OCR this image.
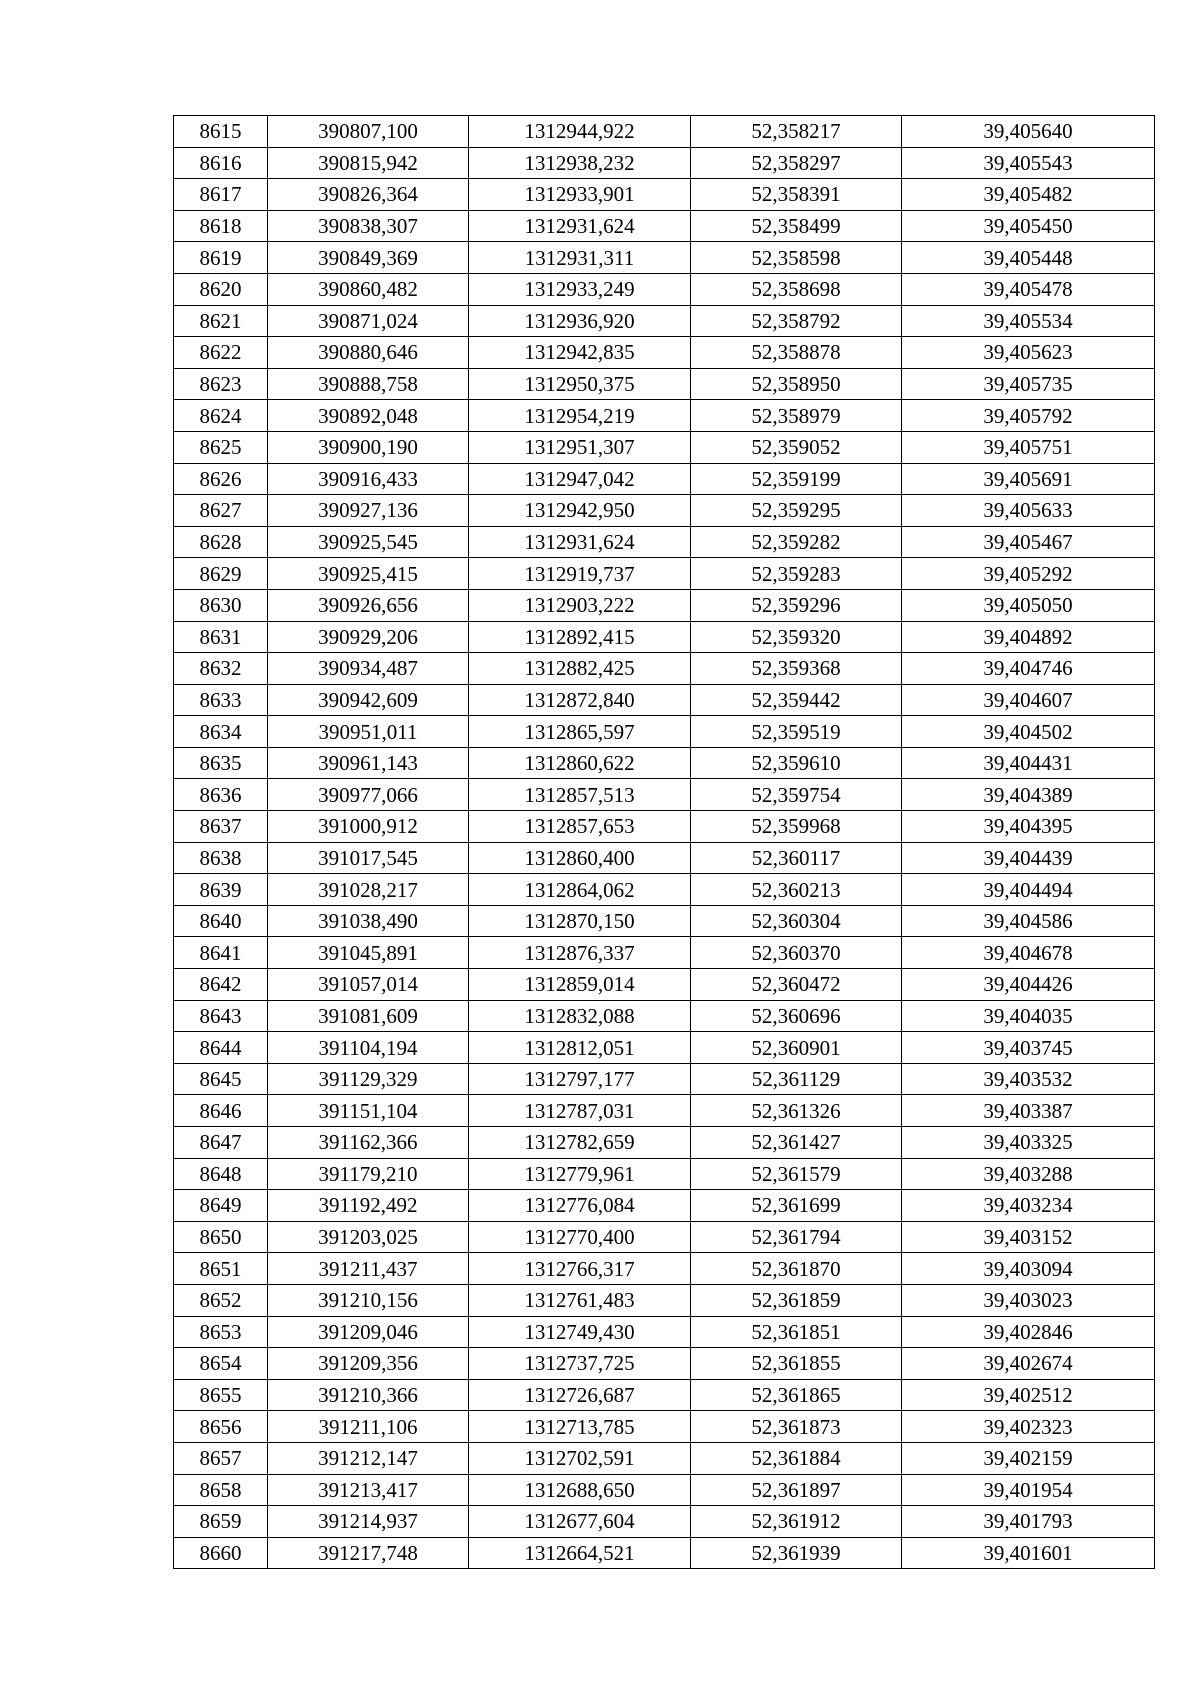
8615	390807,100	1312944,922	52,358217	39,405640
8616	390815,942	1312938,232	52,358297	39,405543
8617	390826,364	1312933,901	52,358391	39,405482
8618	390838,307	1312931,624	52,358499	39,405450
8619	390849,369	1312931,311	52,358598	39,405448
8620	390860,482	1312933,249	52,358698	39,405478
8621	390871,024	1312936,920	52,358792	39,405534
8622	390880,646	1312942,835	52,358878	39,405623
8623	390888,758	1312950,375	52,358950	39,405735
8624	390892,048	1312954,219	52,358979	39,405792
8625	390900,190	1312951,307	52,359052	39,405751
8626	390916,433	1312947,042	52,359199	39,405691
8627	390927,136	1312942,950	52,359295	39,405633
8628	390925,545	1312931,624	52,359282	39,405467
8629	390925,415	1312919,737	52,359283	39,405292
8630	390926,656	1312903,222	52,359296	39,405050
8631	390929,206	1312892,415	52,359320	39,404892
8632	390934,487	1312882,425	52,359368	39,404746
8633	390942,609	1312872,840	52,359442	39,404607
8634	390951,011	1312865,597	52,359519	39,404502
8635	390961,143	1312860,622	52,359610	39,404431
8636	390977,066	1312857,513	52,359754	39,404389
8637	391000,912	1312857,653	52,359968	39,404395
8638	391017,545	1312860,400	52,360117	39,404439
8639	391028,217	1312864,062	52,360213	39,404494
8640	391038,490	1312870,150	52,360304	39,404586
8641	391045,891	1312876,337	52,360370	39,404678
8642	391057,014	1312859,014	52,360472	39,404426
8643	391081,609	1312832,088	52,360696	39,404035
8644	391104,194	1312812,051	52,360901	39,403745
8645	391129,329	1312797,177	52,361129	39,403532
8646	391151,104	1312787,031	52,361326	39,403387
8647	391162,366	1312782,659	52,361427	39,403325
8648	391179,210	1312779,961	52,361579	39,403288
8649	391192,492	1312776,084	52,361699	39,403234
8650	391203,025	1312770,400	52,361794	39,403152
8651	391211,437	1312766,317	52,361870	39,403094
8652	391210,156	1312761,483	52,361859	39,403023
8653	391209,046	1312749,430	52,361851	39,402846
8654	391209,356	1312737,725	52,361855	39,402674
8655	391210,366	1312726,687	52,361865	39,402512
8656	391211,106	1312713,785	52,361873	39,402323
8657	391212,147	1312702,591	52,361884	39,402159
8658	391213,417	1312688,650	52,361897	39,401954
8659	391214,937	1312677,604	52,361912	39,401793
8660	391217,748	1312664,521	52,361939	39,401601
